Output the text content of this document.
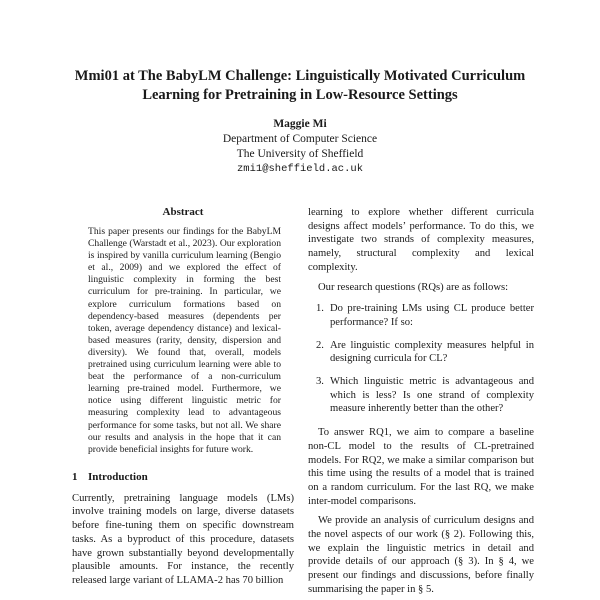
Mmi01 at The BabyLM Challenge: Linguistically Motivated Curriculum
Learning for Pretraining in Low-Resource Settings
Maggie Mi
Department of Computer Science
The University of Sheffield
zmi1@sheffield.ac.uk
Abstract

This paper presents our findings for the BabyLM Challenge (Warstadt et al., 2023). Our exploration is inspired by vanilla curriculum learning (Bengio et al., 2009) and we explored the effect of linguistic complexity in forming the best curriculum for pre-training. In particular, we explore curriculum formations based on dependency-based measures (dependents per token, average dependency distance) and lexical-based measures (rarity, density, dispersion and diversity). We found that, overall, models pretrained using curriculum learning were able to beat the performance of a non-curriculum learning pre-trained model. Furthermore, we notice using different linguistic metric for measuring complexity lead to advantageous performance for some tasks, but not all. We share our results and analysis in the hope that it can provide beneficial insights for future work.

1 Introduction

Currently, pretraining language models (LMs) involve training models on large, diverse datasets before fine-tuning them on specific downstream tasks. As a byproduct of this procedure, datasets have grown substantially beyond developmentally plausible amounts. For instance, the recently released large variant of LLAMA-2 has 70 billion

learning to explore whether different curricula designs affect models’ performance. To do this, we investigate two strands of complexity measures, namely, structural complexity and lexical complexity.

Our research questions (RQs) are as follows:

1. Do pre-training LMs using CL produce better performance? If so:
2. Are linguistic complexity measures helpful in designing curricula for CL?
3. Which linguistic metric is advantageous and which is less? Is one strand of complexity measure inherently better than the other?

To answer RQ1, we aim to compare a baseline non-CL model to the results of CL-pretrained models. For RQ2, we make a similar comparison but this time using the results of a model that is trained on a random curriculum. For the last RQ, we make inter-model comparisons.

We provide an analysis of curriculum designs and the novel aspects of our work (§ 2). Following this, we explain the linguistic metrics in detail and provide details of our approach (§ 3). In § 4, we present our findings and discussions, before finally summarising the paper in § 5.
